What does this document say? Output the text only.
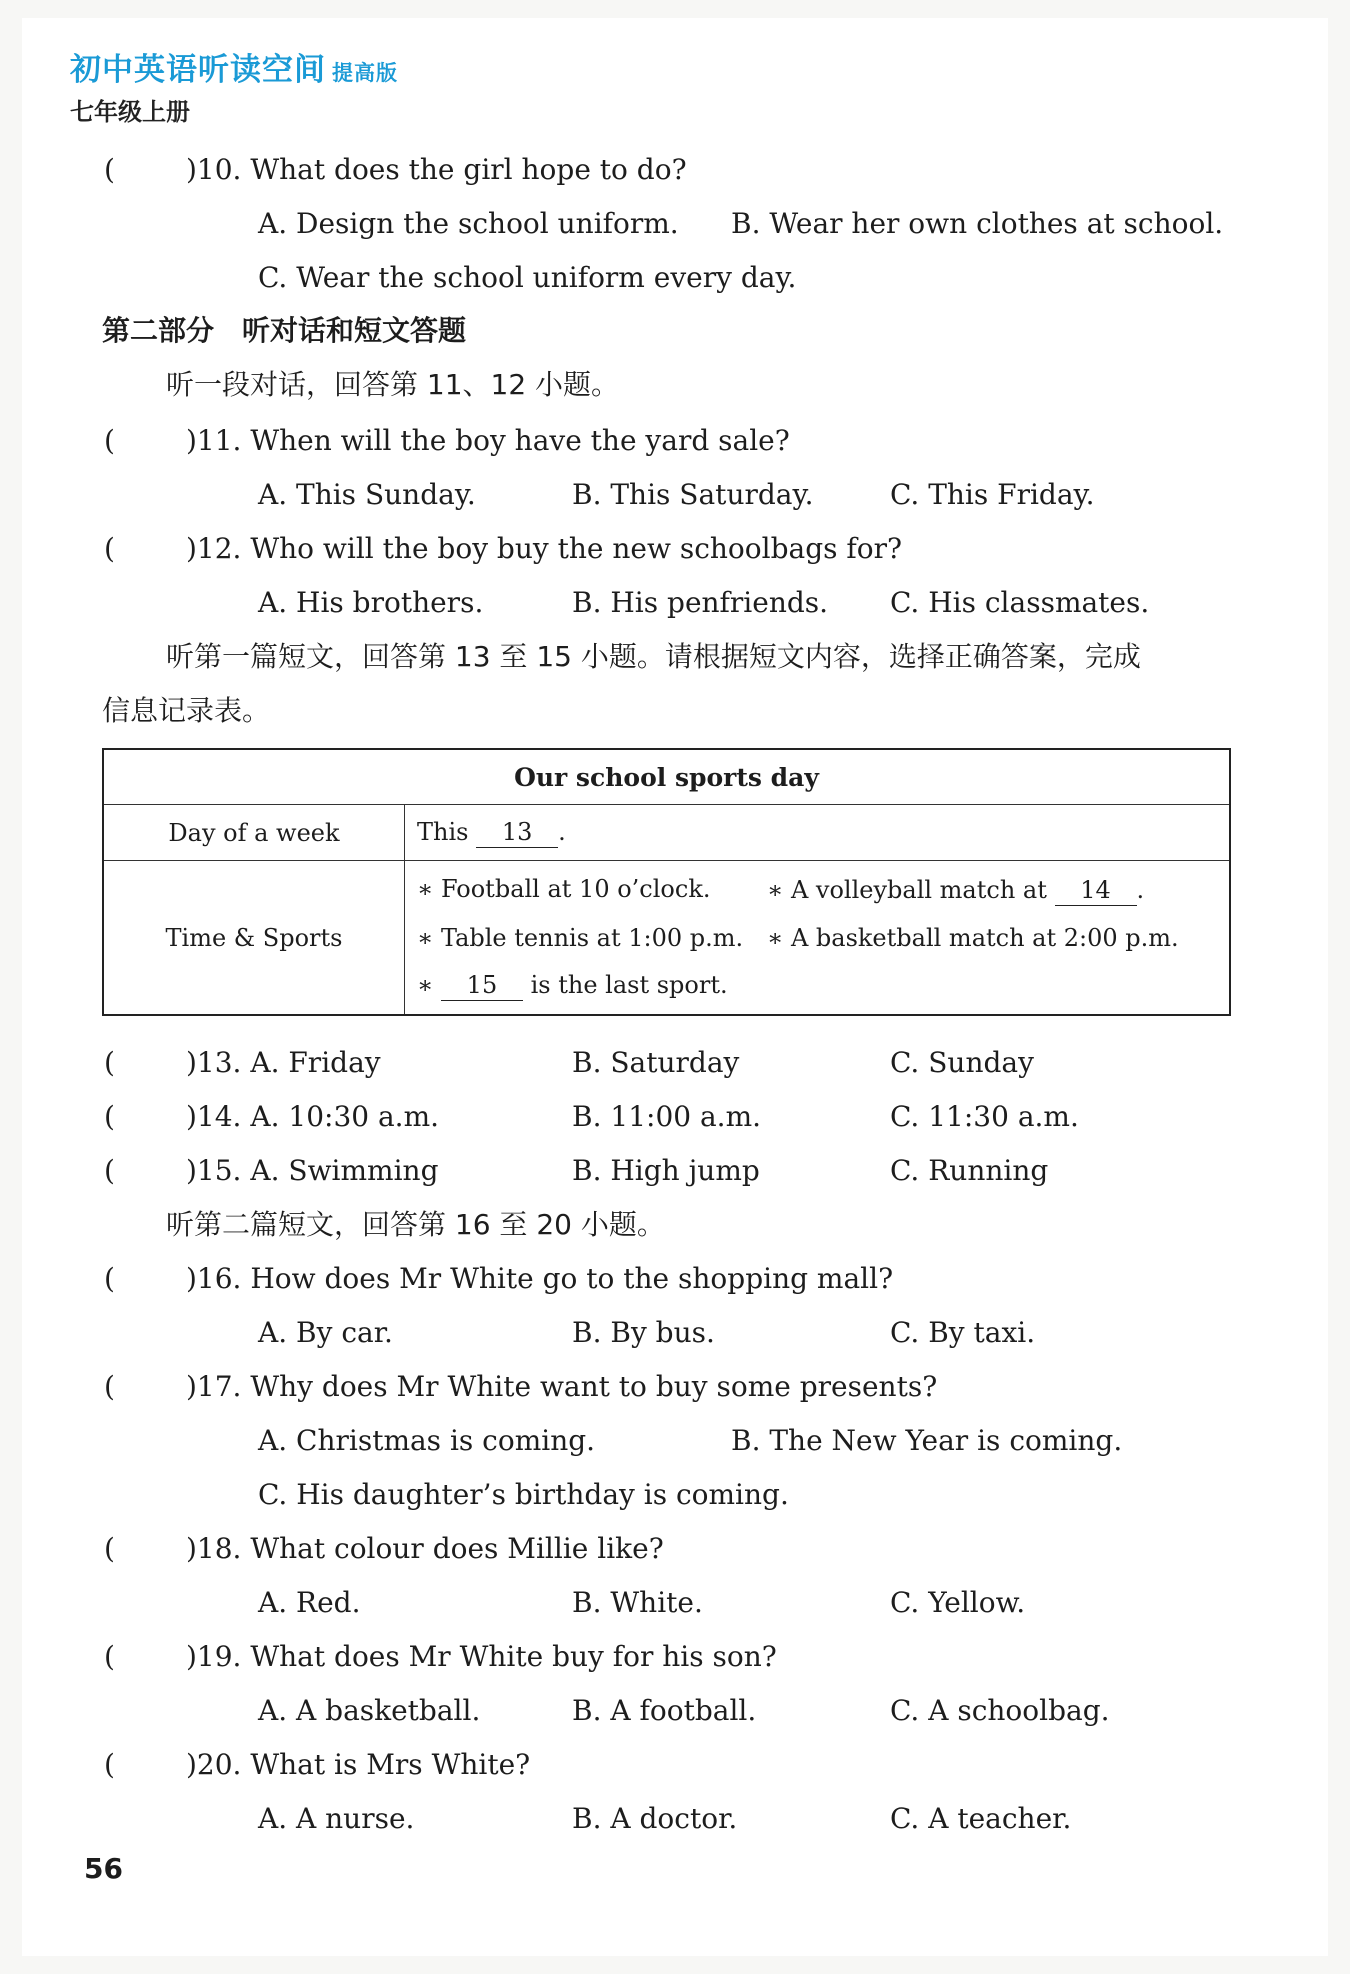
初中英语听读空间 提高版
七年级上册
(	)10. What does the girl hope to do?
A. Design the school uniform. B. Wear her own clothes at school.
C. Wear the school uniform every day.
第二部分　听对话和短文答题
听一段对话，回答第 11、12 小题。
(	)11. When will the boy have the yard sale?
A. This Sunday.	B. This Saturday.	C. This Friday.
(	)12. Who will the boy buy the new schoolbags for?
A. His brothers.	B. His penfriends. C. His classmates.
听第一篇短文，回答第 13 至 15 小题。请根据短文内容，选择正确答案，完成
信息记录表。
Our school sports day	
Day of a week	This 13 .
Time & Sports	∗ Football at 10 o’clock. ∗ A volleyball match at 14 .
∗ Table tennis at 1:00 p.m. ∗ A basketball match at 2:00 p.m.
∗ 15 is the last sport.
(	)13. A. Friday	B. Saturday	C. Sunday
(	)14. A. 10:30 a.m.	B. 11:00 a.m.	C. 11:30 a.m.
(	)15. A. Swimming	B. High jump	C. Running
听第二篇短文，回答第 16 至 20 小题。
(	)16. How does Mr White go to the shopping mall?
A. By car.	B. By bus.	C. By taxi.
(	)17. Why does Mr White want to buy some presents?
A. Christmas is coming.	B. The New Year is coming.
C. His daughter’s birthday is coming.
(	)18. What colour does Millie like?
A. Red.	B. White.	C. Yellow.
(	)19. What does Mr White buy for his son?
A. A basketball.	B. A football.	C. A schoolbag.
(	)20. What is Mrs White?
A. A nurse.	B. A doctor.	C. A teacher.
56
